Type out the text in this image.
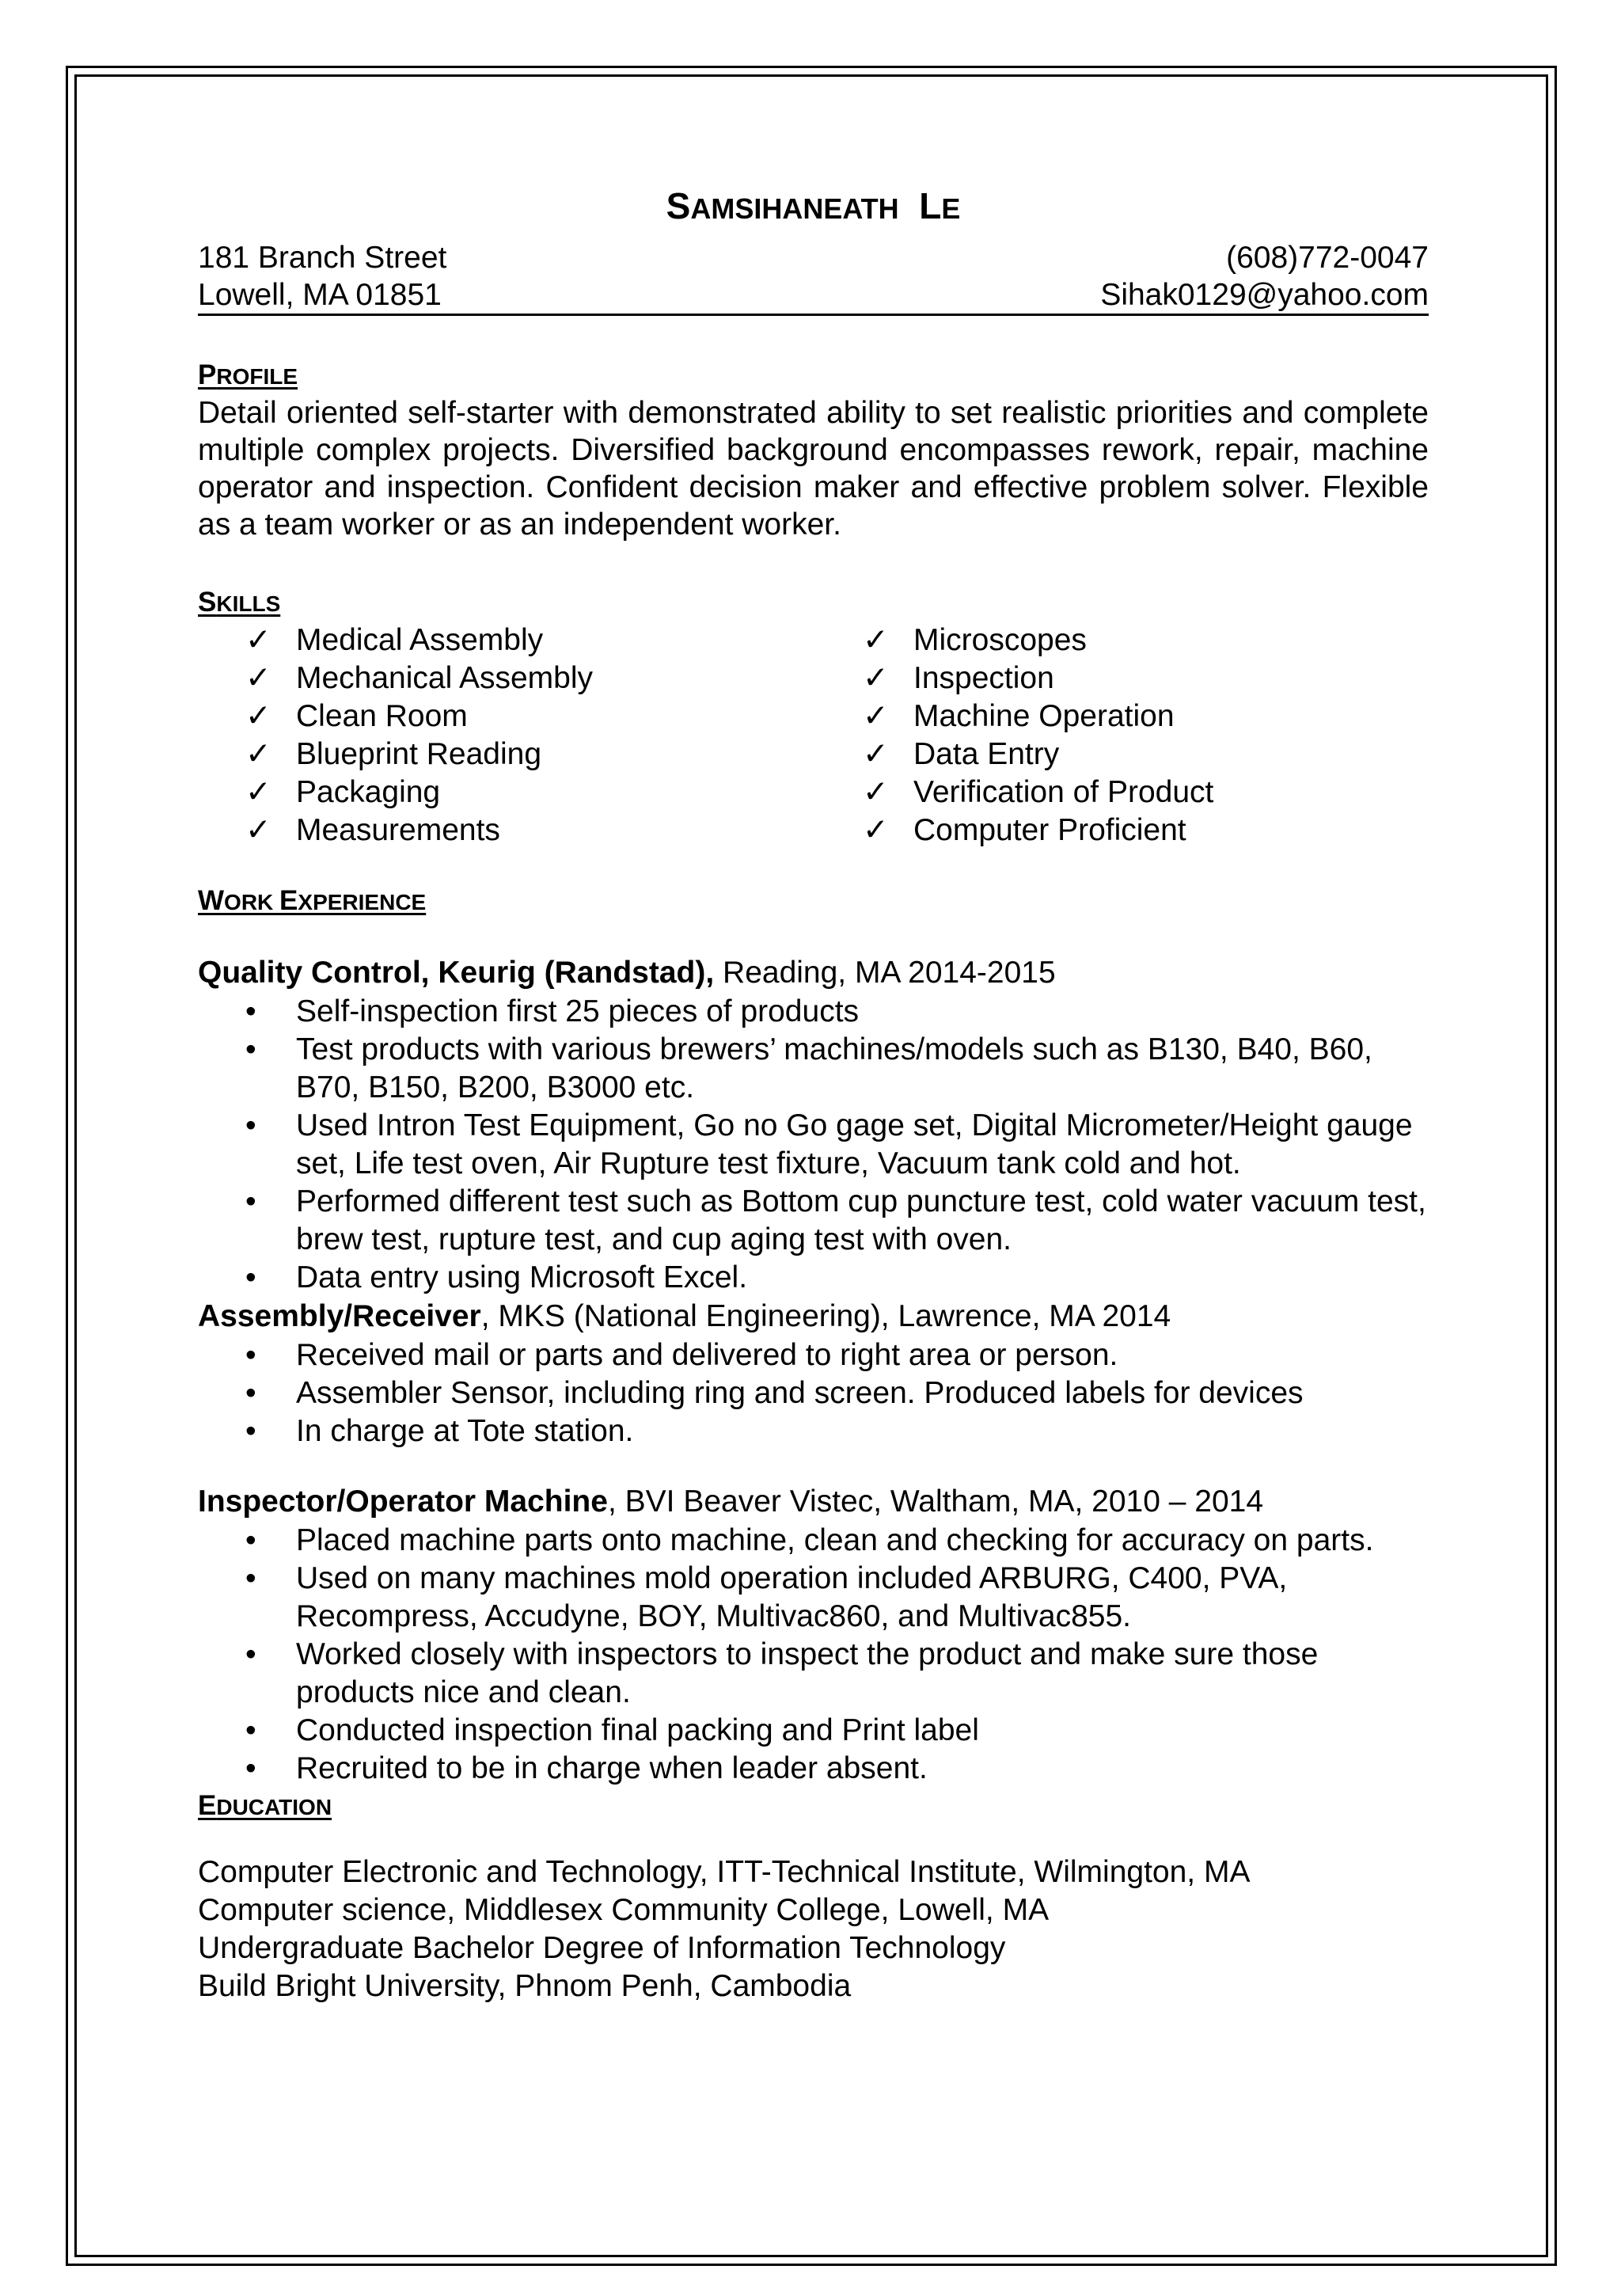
SAMSIHANEATH LE
181 Branch Street	(608)772-0047
Lowell, MA 01851	Sihak0129@yahoo.com
PROFILE
Detail oriented self-starter with demonstrated ability to set realistic priorities and complete multiple complex projects. Diversified background encompasses rework, repair, machine operator and inspection. Confident decision maker and effective problem solver. Flexible as a team worker or as an independent worker.
SKILLS
✓ Medical Assembly
✓ Mechanical Assembly
✓ Clean Room
✓ Blueprint Reading
✓ Packaging
✓ Measurements
✓ Microscopes
✓ Inspection
✓ Machine Operation
✓ Data Entry
✓ Verification of Product
✓ Computer Proficient
WORK EXPERIENCE
Quality Control, Keurig (Randstad), Reading, MA 2014-2015
• Self-inspection first 25 pieces of products
• Test products with various brewers’ machines/models such as B130, B40, B60, B70, B150, B200, B3000 etc.
• Used Intron Test Equipment, Go no Go gage set, Digital Micrometer/Height gauge set, Life test oven, Air Rupture test fixture, Vacuum tank cold and hot.
• Performed different test such as Bottom cup puncture test, cold water vacuum test, brew test, rupture test, and cup aging test with oven.
• Data entry using Microsoft Excel.
Assembly/Receiver, MKS (National Engineering), Lawrence, MA 2014
• Received mail or parts and delivered to right area or person.
• Assembler Sensor, including ring and screen. Produced labels for devices
• In charge at Tote station.
Inspector/Operator Machine, BVI Beaver Vistec, Waltham, MA, 2010 – 2014
• Placed machine parts onto machine, clean and checking for accuracy on parts.
• Used on many machines mold operation included ARBURG, C400, PVA, Recompress, Accudyne, BOY, Multivac860, and Multivac855.
• Worked closely with inspectors to inspect the product and make sure those products nice and clean.
• Conducted inspection final packing and Print label
• Recruited to be in charge when leader absent.
EDUCATION
Computer Electronic and Technology, ITT-Technical Institute, Wilmington, MA
Computer science, Middlesex Community College, Lowell, MA
Undergraduate Bachelor Degree of Information Technology
Build Bright University, Phnom Penh, Cambodia
